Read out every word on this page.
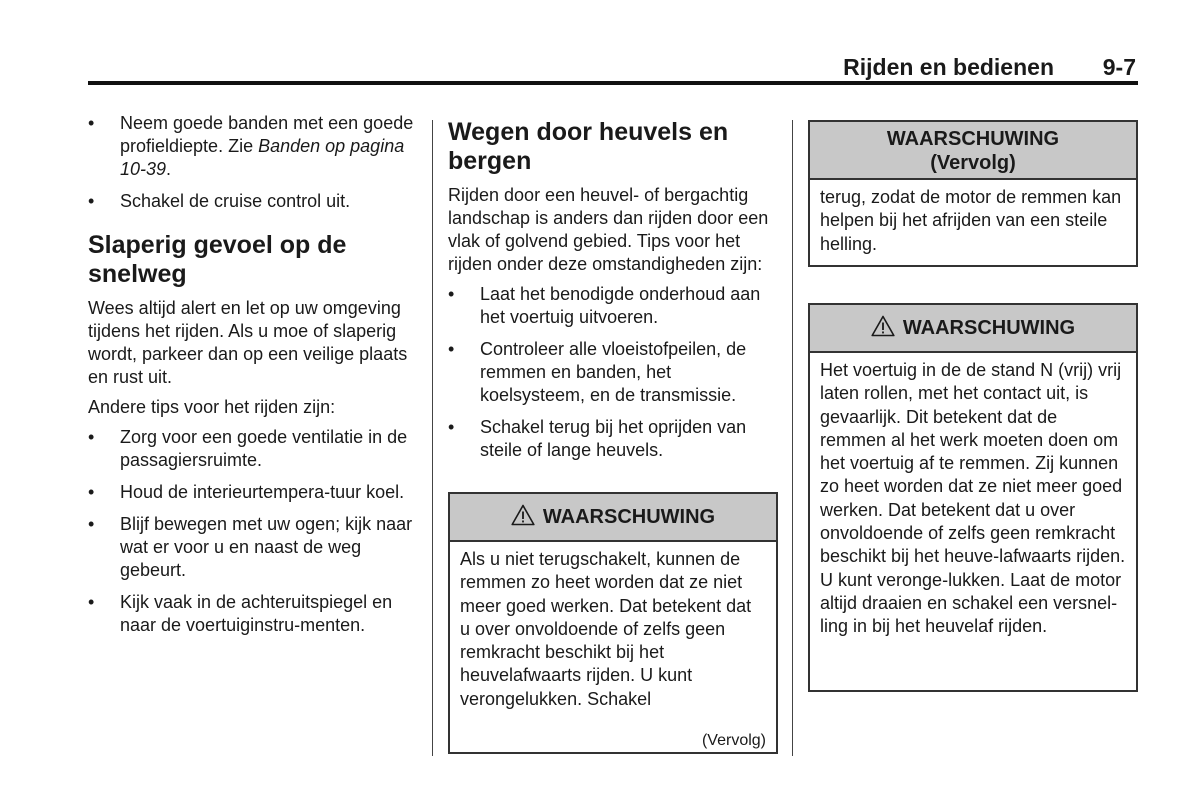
Rijden en bedienen 9-7
• Neem goede banden met een goede profieldiepte. Zie Banden op pagina 10-39.
• Schakel de cruise control uit.
Slaperig gevoel op de snelweg

Wees altijd alert en let op uw omgeving tijdens het rijden. Als u moe of slaperig wordt, parkeer dan op een veilige plaats en rust uit.

Andere tips voor het rijden zijn:

• Zorg voor een goede ventilatie in de passagiersruimte.
• Houd de interieurtempera-tuur koel.
• Blijf bewegen met uw ogen; kijk naar wat er voor u en naast de weg gebeurt.
• Kijk vaak in de achteruitspiegel en naar de voertuiginstru-menten.
Wegen door heuvels en bergen

Rijden door een heuvel- of bergachtig landschap is anders dan rijden door een vlak of golvend gebied. Tips voor het rijden onder deze omstandigheden zijn:

• Laat het benodigde onderhoud aan het voertuig uitvoeren.
• Controleer alle vloeistofpeilen, de remmen en banden, het koelsysteem, en de transmissie.
• Schakel terug bij het oprijden van steile of lange heuvels.
WAARSCHUWING
Als u niet terugschakelt, kunnen de remmen zo heet worden dat ze niet meer goed werken. Dat betekent dat u over onvoldoende of zelfs geen remkracht beschikt bij het heuvelafwaarts rijden. U kunt verongelukken. Schakel
(Vervolg)
WAARSCHUWING
(Vervolg)
terug, zodat de motor de remmen kan helpen bij het afrijden van een steile helling.
WAARSCHUWING
Het voertuig in de de stand N (vrij) vrij laten rollen, met het contact uit, is gevaarlijk. Dit betekent dat de remmen al het werk moeten doen om het voertuig af te remmen. Zij kunnen zo heet worden dat ze niet meer goed werken. Dat betekent dat u over onvoldoende of zelfs geen remkracht beschikt bij het heuve-lafwaarts rijden. U kunt veronge-lukken. Laat de motor altijd draaien en schakel een versnel-ling in bij het heuvelaf rijden.
